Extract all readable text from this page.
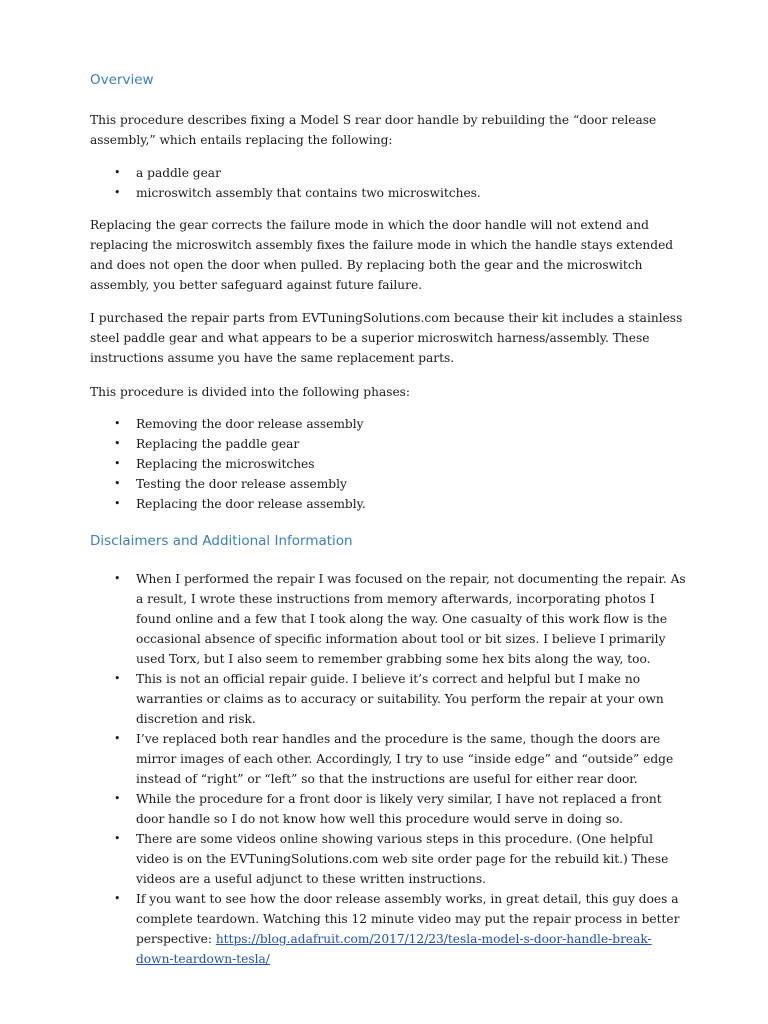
Overview

This procedure describes fixing a Model S rear door handle by rebuilding the “door release assembly,” which entails replacing the following:

• a paddle gear
• microswitch assembly that contains two microswitches.

Replacing the gear corrects the failure mode in which the door handle will not extend and replacing the microswitch assembly fixes the failure mode in which the handle stays extended and does not open the door when pulled. By replacing both the gear and the microswitch assembly, you better safeguard against future failure.

I purchased the repair parts from EVTuningSolutions.com because their kit includes a stainless steel paddle gear and what appears to be a superior microswitch harness/assembly. These instructions assume you have the same replacement parts.

This procedure is divided into the following phases:

• Removing the door release assembly
• Replacing the paddle gear
• Replacing the microswitches
• Testing the door release assembly
• Replacing the door release assembly.
Disclaimers and Additional Information
• When I performed the repair I was focused on the repair, not documenting the repair. As a result, I wrote these instructions from memory afterwards, incorporating photos I found online and a few that I took along the way. One casualty of this work flow is the occasional absence of specific information about tool or bit sizes. I believe I primarily used Torx, but I also seem to remember grabbing some hex bits along the way, too.
• This is not an official repair guide. I believe it’s correct and helpful but I make no warranties or claims as to accuracy or suitability. You perform the repair at your own discretion and risk.
• I’ve replaced both rear handles and the procedure is the same, though the doors are mirror images of each other. Accordingly, I try to use “inside edge” and “outside” edge instead of “right” or “left” so that the instructions are useful for either rear door.
• While the procedure for a front door is likely very similar, I have not replaced a front door handle so I do not know how well this procedure would serve in doing so.
• There are some videos online showing various steps in this procedure. (One helpful video is on the EVTuningSolutions.com web site order page for the rebuild kit.) These videos are a useful adjunct to these written instructions.
• If you want to see how the door release assembly works, in great detail, this guy does a complete teardown. Watching this 12 minute video may put the repair process in better perspective: https://blog.adafruit.com/2017/12/23/tesla-model-s-door-handle-break-down-teardown-tesla/
